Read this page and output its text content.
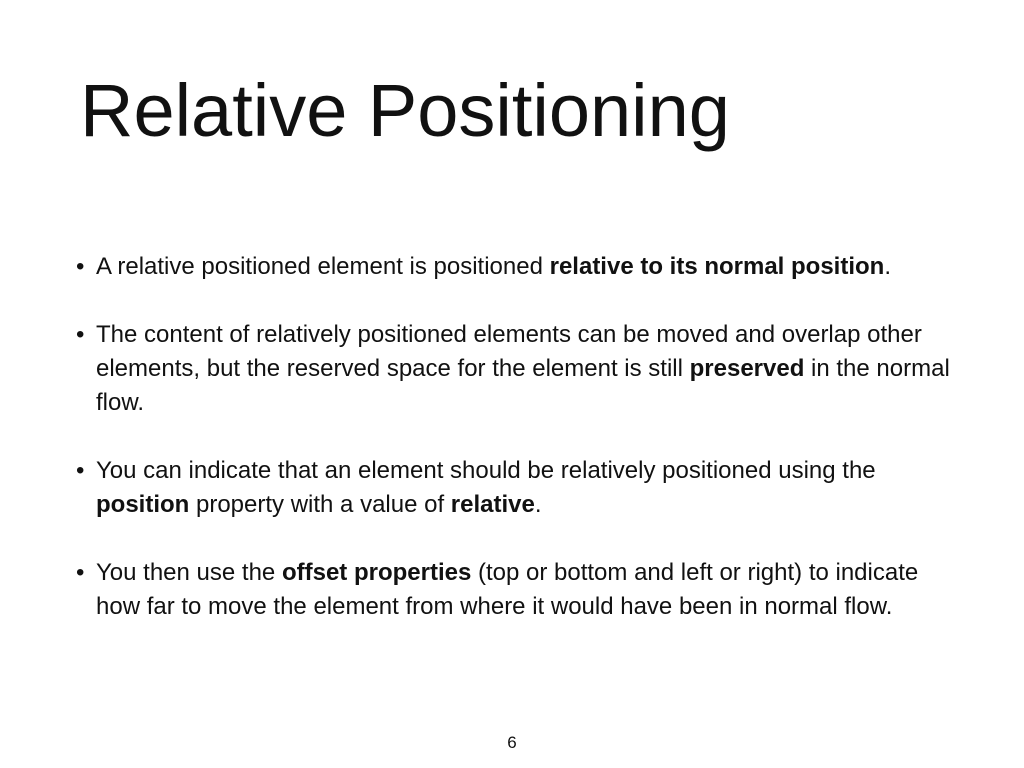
Relative Positioning
• A relative positioned element is positioned relative to its normal position.
• The content of relatively positioned elements can be moved and overlap other elements, but the reserved space for the element is still preserved in the normal flow.
• You can indicate that an element should be relatively positioned using the position property with a value of relative.
• You then use the offset properties (top or bottom and left or right) to indicate how far to move the element from where it would have been in normal flow.
6
